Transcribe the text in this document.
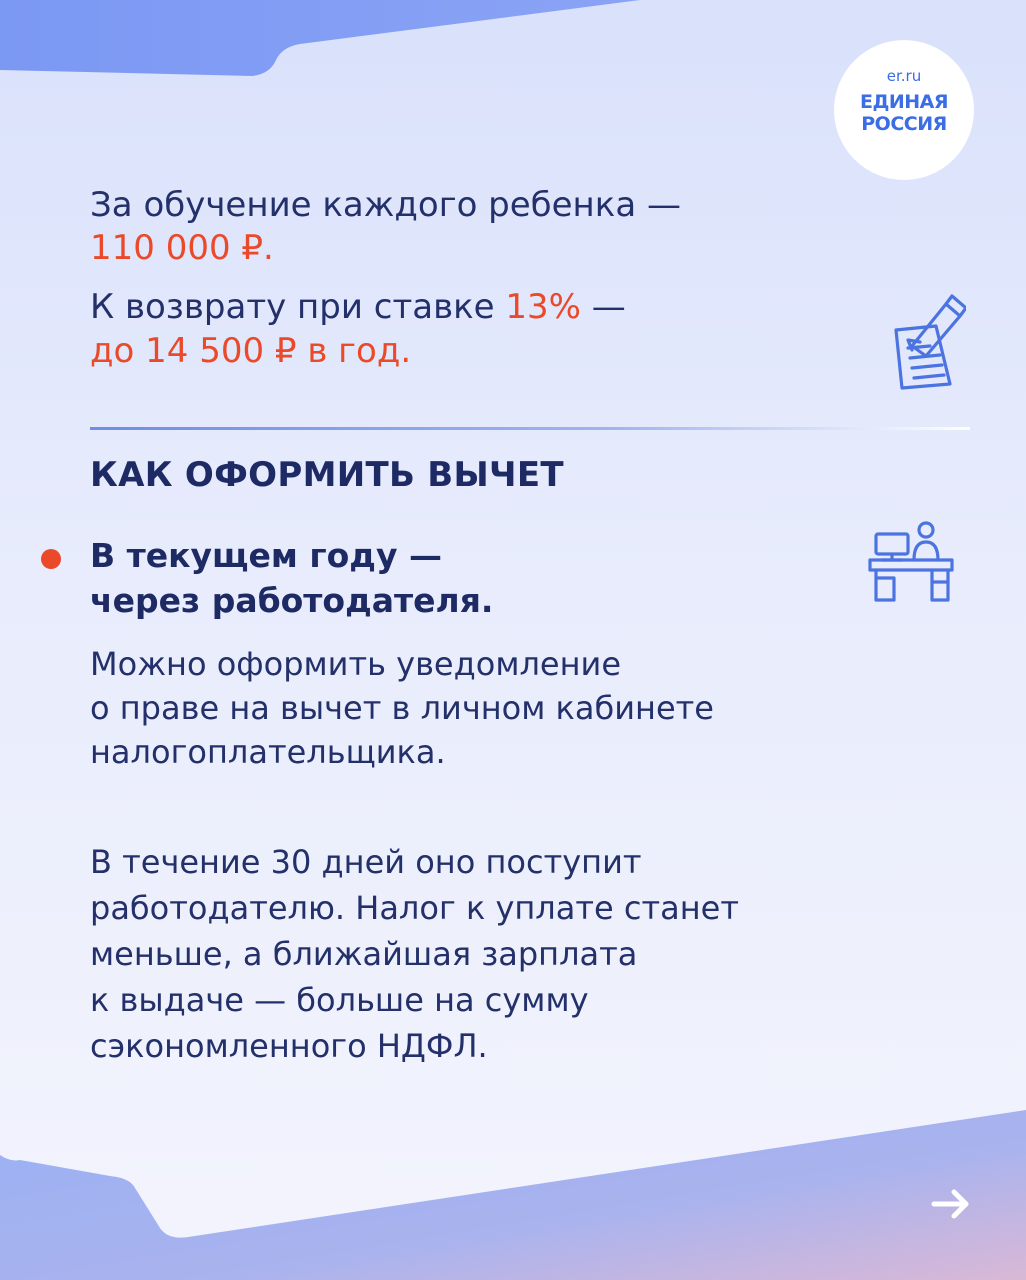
er.ru
ЕДИНАЯ
РОССИЯ
За обучение каждого ребенка —
110 000 ₽.
К возврату при ставке 13% —
до 14 500 ₽ в год.
КАК ОФОРМИТЬ ВЫЧЕТ
В текущем году —
через работодателя.
Можно оформить уведомление
о праве на вычет в личном кабинете
налогоплательщика.
В течение 30 дней оно поступит
работодателю. Налог к уплате станет
меньше, а ближайшая зарплата
к выдаче — больше на сумму
сэкономленного НДФЛ.
